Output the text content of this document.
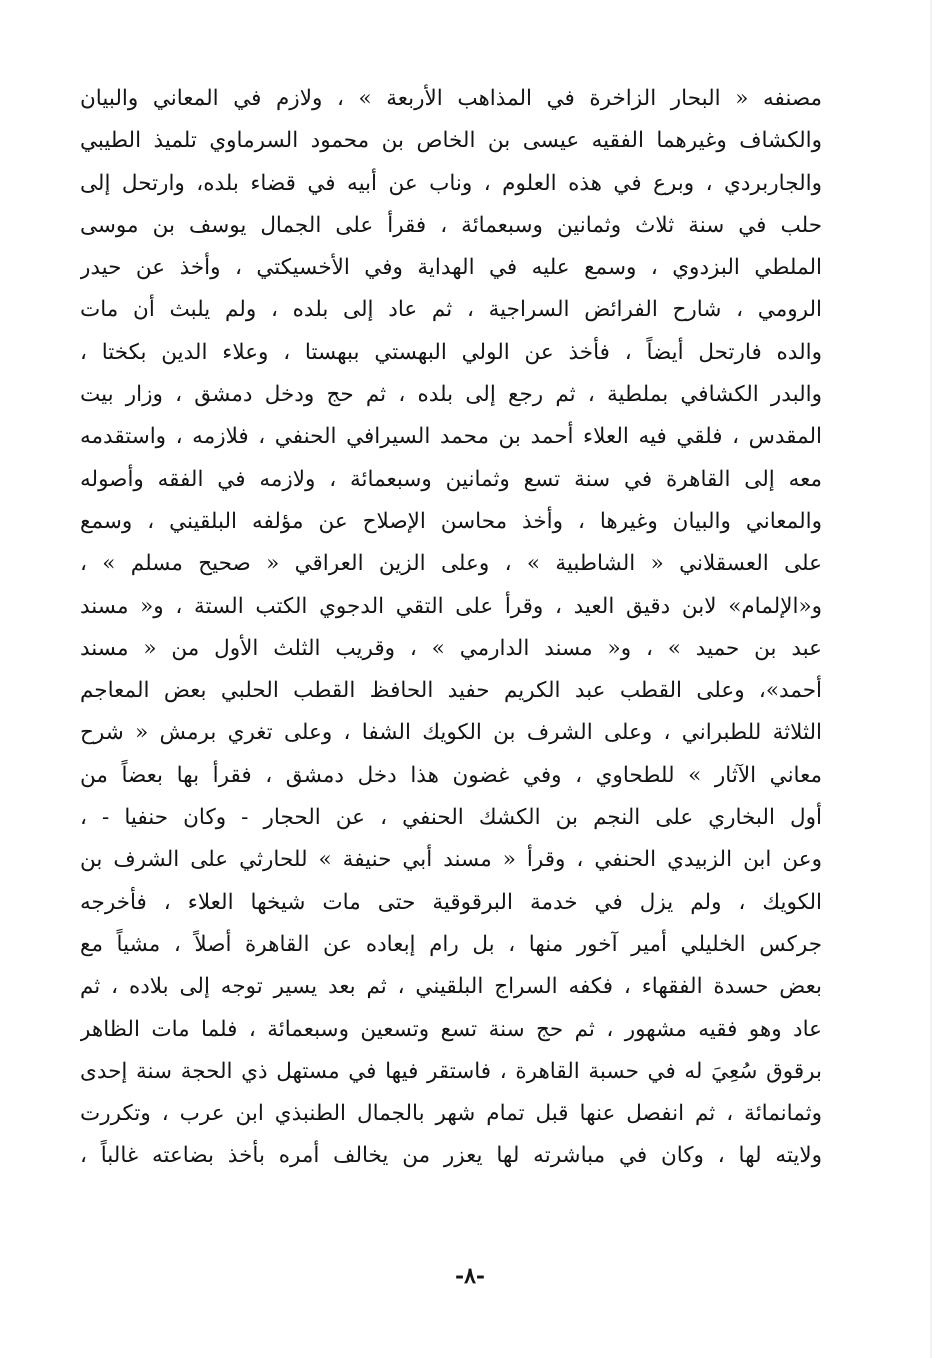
مصنفه « البحار الزاخرة في المذاهب الأربعة » ، ولازم في المعاني والبيان
والكشاف وغيرهما الفقيه عيسى بن الخاص بن محمود السرماوي تلميذ الطيبي
والجاربردي ، وبرع في هذه العلوم ، وناب عن أبيه في قضاء بلده، وارتحل إلى
حلب في سنة ثلاث وثمانين وسبعمائة ، فقرأ على الجمال يوسف بن موسى
الملطي البزدوي ، وسمع عليه في الهداية وفي الأخسيكتي ، وأخذ عن حيدر
الرومي ، شارح الفرائض السراجية ، ثم عاد إلى بلده ، ولم يلبث أن مات
والده فارتحل أيضاً ، فأخذ عن الولي البهستي ببهستا ، وعلاء الدين بكختا ،
والبدر الكشافي بملطية ، ثم رجع إلى بلده ، ثم حج ودخل دمشق ، وزار بيت
المقدس ، فلقي فيه العلاء أحمد بن محمد السيرافي الحنفي ، فلازمه ، واستقدمه
معه إلى القاهرة في سنة تسع وثمانين وسبعمائة ، ولازمه في الفقه وأصوله
والمعاني والبيان وغيرها ، وأخذ محاسن الإصلاح عن مؤلفه البلقيني ، وسمع
على العسقلاني « الشاطبية » ، وعلى الزين العراقي « صحيح مسلم » ،
و«الإلمام» لابن دقيق العيد ، وقرأ على التقي الدجوي الكتب الستة ، و« مسند
عبد بن حميد » ، و« مسند الدارمي » ، وقريب الثلث الأول من « مسند
أحمد»، وعلى القطب عبد الكريم حفيد الحافظ القطب الحلبي بعض المعاجم
الثلاثة للطبراني ، وعلى الشرف بن الكويك الشفا ، وعلى تغري برمش « شرح
معاني الآثار » للطحاوي ، وفي غضون هذا دخل دمشق ، فقرأ بها بعضاً من
أول البخاري على النجم بن الكشك الحنفي ، عن الحجار - وكان حنفيا - ،
وعن ابن الزبيدي الحنفي ، وقرأ « مسند أبي حنيفة » للحارثي على الشرف بن
الكويك ، ولم يزل في خدمة البرقوقية حتى مات شيخها العلاء ، فأخرجه
جركس الخليلي أمير آخور منها ، بل رام إبعاده عن القاهرة أصلاً ، مشياً مع
بعض حسدة الفقهاء ، فكفه السراج البلقيني ، ثم بعد يسير توجه إلى بلاده ، ثم
عاد وهو فقيه مشهور ، ثم حج سنة تسع وتسعين وسبعمائة ، فلما مات الظاهر
برقوق سُعِيَ له في حسبة القاهرة ، فاستقر فيها في مستهل ذي الحجة سنة إحدى
وثمانمائة ، ثم انفصل عنها قبل تمام شهر بالجمال الطنبذي ابن عرب ، وتكررت
ولايته لها ، وكان في مباشرته لها يعزر من يخالف أمره بأخذ بضاعته غالباً ،
-٨-
